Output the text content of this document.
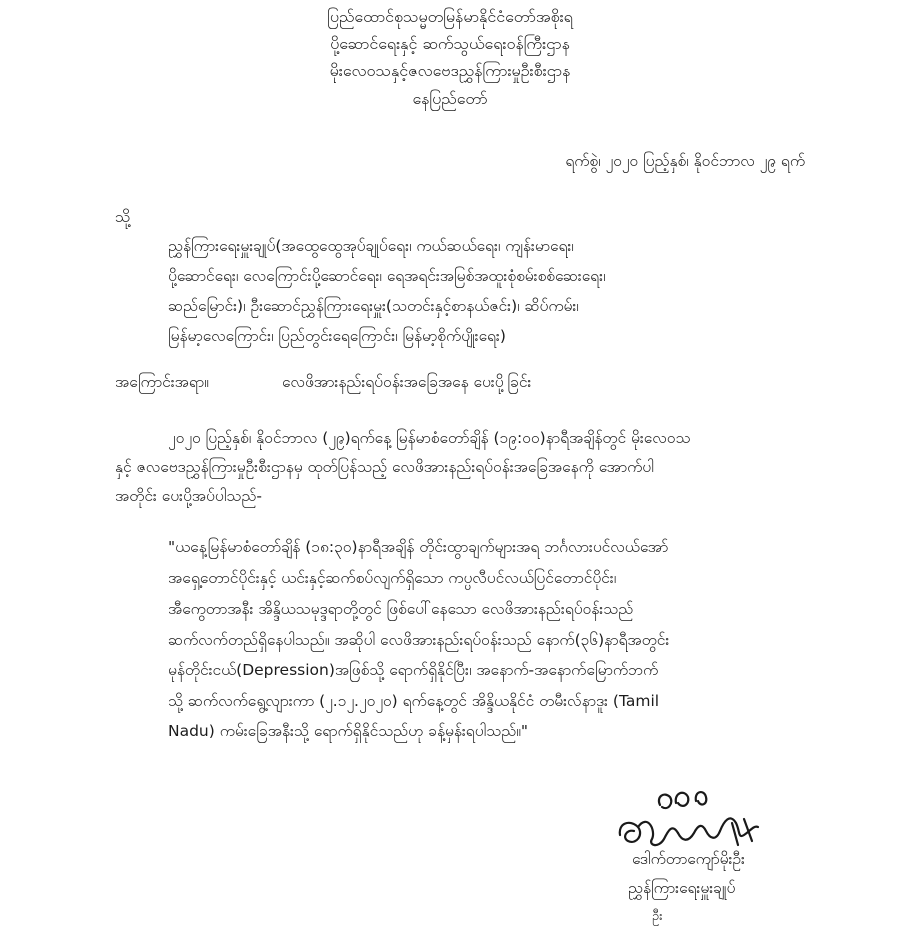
ပြည်ထောင်စုသမ္မတမြန်မာနိုင်ငံတော်အစိုးရ
ပို့ဆောင်ရေးနှင့် ဆက်သွယ်ရေးဝန်ကြီးဌာန
မိုးလေဝသနှင့်ဇလဗေဒညွှန်ကြားမှုဦးစီးဌာန
နေပြည်တော်
ရက်စွဲ၊ ၂၀၂၀ ပြည့်နှစ်၊ နိုဝင်ဘာလ ၂၉ ရက်
သို့
ညွှန်ကြားရေးမှူးချုပ်(အထွေထွေအုပ်ချုပ်ရေး၊ ကယ်ဆယ်ရေး၊ ကျန်းမာရေး၊
ပို့ဆောင်ရေး၊ လေကြောင်းပို့ဆောင်ရေး၊ ရေအရင်းအမြစ်အထူးစုံစမ်းစစ်ဆေးရေး၊
ဆည်မြောင်း)၊ ဦးဆောင်ညွှန်ကြားရေးမှူး(သတင်းနှင့်စာနယ်ဇင်း)၊ ဆိပ်ကမ်း၊
မြန်မာ့လေကြောင်း၊ ပြည်တွင်းရေကြောင်း၊ မြန်မာ့စိုက်ပျိုးရေး)
အကြောင်းအရာ။	လေဖိအားနည်းရပ်ဝန်းအခြေအနေ ပေးပို့ခြင်း
၂၀၂၀ ပြည့်နှစ်၊ နိုဝင်ဘာလ (၂၉)ရက်နေ့ မြန်မာစံတော်ချိန် (၁၉:၀၀)နာရီအချိန်တွင် မိုးလေဝသ
နှင့် ဇလဗေဒညွှန်ကြားမှုဦးစီးဌာနမှ ထုတ်ပြန်သည့် လေဖိအားနည်းရပ်ဝန်းအခြေအနေကို အောက်ပါ
အတိုင်း ပေးပို့အပ်ပါသည်-
"ယနေ့မြန်မာစံတော်ချိန် (၁၈:၃၀)နာရီအချိန် တိုင်းထွာချက်များအရ ဘင်္ဂလားပင်လယ်အော်
အရှေ့တောင်ပိုင်းနှင့် ယင်းနှင့်ဆက်စပ်လျက်ရှိသော ကပ္ပလီပင်လယ်ပြင်တောင်ပိုင်း၊
အီကွေတာအနီး အိန္ဒိယသမုဒ္ဒရာတို့တွင် ဖြစ်ပေါ်နေသော လေဖိအားနည်းရပ်ဝန်းသည်
ဆက်လက်တည်ရှိနေပါသည်။ အဆိုပါ လေဖိအားနည်းရပ်ဝန်းသည် နောက်(၃၆)နာရီအတွင်း
မုန်တိုင်းငယ်(Depression)အဖြစ်သို့ ရောက်ရှိနိုင်ပြီး၊ အနောက်-အနောက်မြောက်ဘက်
သို့ ဆက်လက်ရွေ့လျားကာ (၂.၁၂.၂၀၂၀) ရက်နေ့တွင် အိန္ဒိယနိုင်ငံ တမီးလ်နာဒူး (Tamil
Nadu) ကမ်းခြေအနီးသို့ ရောက်ရှိနိုင်သည်ဟု ခန့်မှန်းရပါသည်။"
ဒေါက်တာကျော်မိုးဦး
ညွှန်ကြားရေးမှူးချုပ်
ဦး
